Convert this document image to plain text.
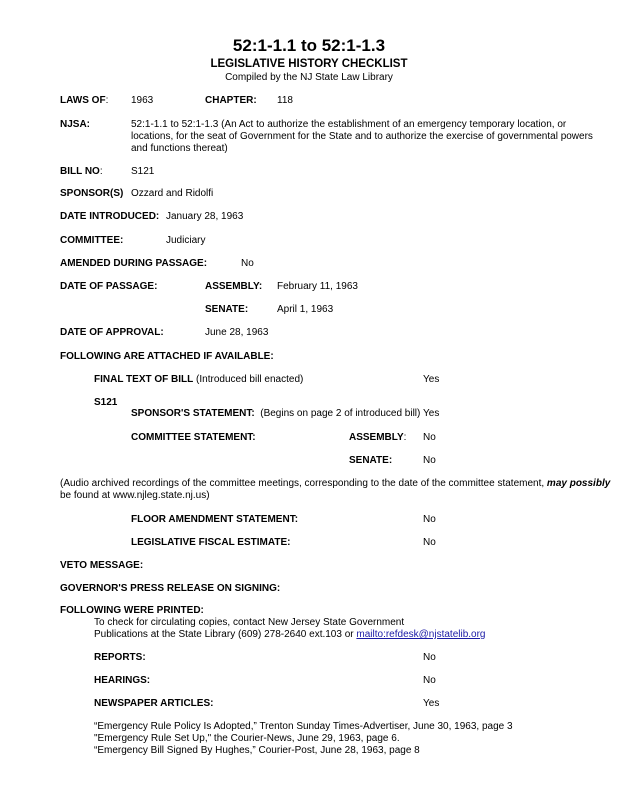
52:1-1.1 to 52:1-1.3
LEGISLATIVE HISTORY CHECKLIST
Compiled by the NJ State Law Library
LAWS OF: 1963	CHAPTER: 118
NJSA:	52:1-1.1 to 52:1-1.3 (An Act to authorize the establishment of an emergency temporary location, or
locations, for the seat of Government for the State and to authorize the exercise of governmental powers
and functions thereat)
BILL NO:	S121
SPONSOR(S) Ozzard and Ridolfi
DATE INTRODUCED: January 28, 1963
COMMITTEE:	Judiciary
AMENDED DURING PASSAGE:	No
DATE OF PASSAGE:	ASSEMBLY: February 11, 1963
SENATE:	April 1, 1963
DATE OF APPROVAL:	June 28, 1963
FOLLOWING ARE ATTACHED IF AVAILABLE:
FINAL TEXT OF BILL (Introduced bill enacted)	Yes
S121
SPONSOR'S STATEMENT:  (Begins on page 2 of introduced bill) Yes
COMMITTEE STATEMENT:	ASSEMBLY: No
SENATE:	No
(Audio archived recordings of the committee meetings, corresponding to the date of the committee statement, may possibly
be found at www.njleg.state.nj.us)
FLOOR AMENDMENT STATEMENT:	No
LEGISLATIVE FISCAL ESTIMATE:	No
VETO MESSAGE:
GOVERNOR'S PRESS RELEASE ON SIGNING:
FOLLOWING WERE PRINTED:
To check for circulating copies, contact New Jersey State Government
Publications at the State Library (609) 278-2640 ext.103 or mailto:refdesk@njstatelib.org
REPORTS:	No
HEARINGS:	No
NEWSPAPER ARTICLES:	Yes
“Emergency Rule Policy Is Adopted,” Trenton Sunday Times-Advertiser, June 30, 1963, page 3
"Emergency Rule Set Up," the Courier-News, June 29, 1963, page 6.
“Emergency Bill Signed By Hughes,” Courier-Post, June 28, 1963, page 8
